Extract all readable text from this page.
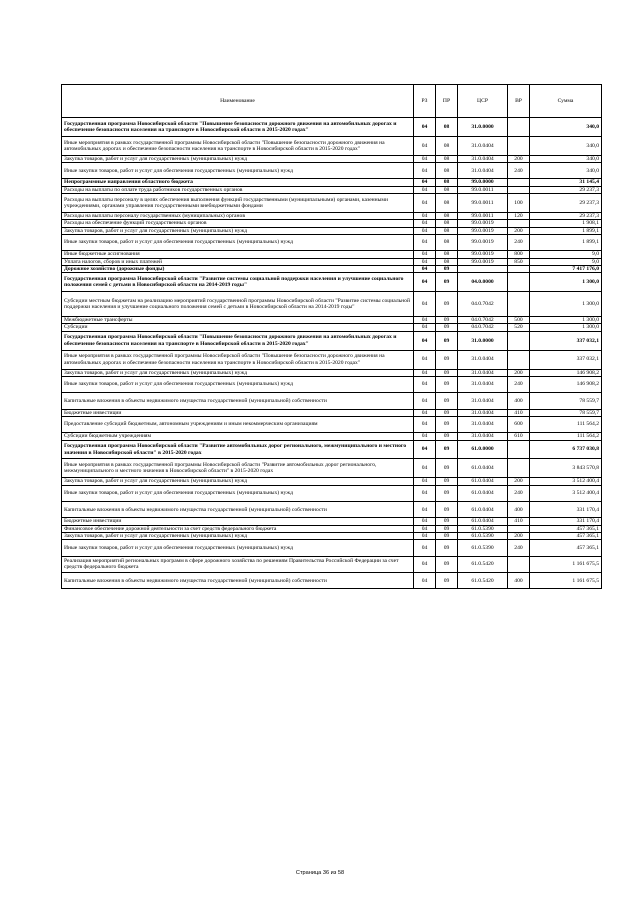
Наименование	РЗ	ПР	ЦСР	ВР	Сумма
Государственная программа Новосибирской области "Повышение безопасности дорожного движения на автомобильных дорогах и обеспечение безопасности населения на транспорте в Новосибирской области в 2015-2020 годах"	04	08	31.0.0000		340,0
Иные мероприятия в рамках государственной программы Новосибирской области "Повышение безопасности дорожного движения на автомобильных дорогах и обеспечение безопасности населения на транспорте в Новосибирской области в 2015-2020 годах"	04	08	31.0.0404		340,0
Закупка товаров, работ и услуг для государственных (муниципальных) нужд	04	08	31.0.0404	200	340,0
Иные закупки товаров, работ и услуг для обеспечения государственных (муниципальных) нужд	04	08	31.0.0404	240	340,0
Непрограммные направления областного бюджета	04	08	99.0.0000		31 145,4
Расходы на выплаты по оплате труда работников государственных органов	04	08	99.0.0011		29 237,3
Расходы на выплаты персоналу в целях обеспечения выполнения функций государственными (муниципальными) органами, казенными учреждениями, органами управления государственными внебюджетными фондами	04	08	99.0.0011	100	29 237,3
Расходы на выплаты персоналу государственных (муниципальных) органов	04	08	99.0.0011	120	29 237,3
Расходы на обеспечение функций государственных органов	04	08	99.0.0019		1 908,1
Закупка товаров, работ и услуг для государственных (муниципальных) нужд	04	08	99.0.0019	200	1 899,1
Иные закупки товаров, работ и услуг для обеспечения государственных (муниципальных) нужд	04	08	99.0.0019	240	1 899,1
Иные бюджетные ассигнования	04	08	99.0.0019	800	9,0
Уплата налогов, сборов и иных платежей	04	08	99.0.0019	850	9,0
Дорожное хозяйство (дорожные фонды)	04	09			7 417 176,0
Государственная программа Новосибирской области "Развитие системы социальной поддержки населения и улучшение социального положения семей с детьми в Новосибирской области на 2014-2019 годы"	04	09	04.0.0000		1 300,0
Субсидии местным бюджетам на реализацию мероприятий государственной программы Новосибирской области "Развитие системы социальной поддержки населения и улучшение социального положения семей с детьми в Новосибирской области на 2014-2019 годы"	04	09	04.0.7042		1 300,0
Межбюджетные трансферты	04	09	04.0.7042	500	1 300,0
Субсидии	04	09	04.0.7042	520	1 300,0
Государственная программа Новосибирской области "Повышение безопасности дорожного движения на автомобильных дорогах и обеспечение безопасности населения на транспорте в Новосибирской области в 2015-2020 годах"	04	09	31.0.0000		337 032,1
Иные мероприятия в рамках государственной программы Новосибирской области "Повышение безопасности дорожного движения на автомобильных дорогах и обеспечение безопасности населения на транспорте в Новосибирской области в 2015-2020 годах"	04	09	31.0.0404		337 032,1
Закупка товаров, работ и услуг для государственных (муниципальных) нужд	04	09	31.0.0404	200	146 908,2
Иные закупки товаров, работ и услуг для обеспечения государственных (муниципальных) нужд	04	09	31.0.0404	240	146 908,2
Капитальные вложения в объекты недвижимого имущества государственной (муниципальной) собственности	04	09	31.0.0404	400	78 559,7
Бюджетные инвестиции	04	09	31.0.0404	410	78 559,7
Предоставление субсидий бюджетным, автономным учреждениям и иным некоммерческим организациям	04	09	31.0.0404	600	111 564,2
Субсидии бюджетным учреждениям	04	09	31.0.0404	610	111 564,2
Государственная программа Новосибирской области "Развитие автомобильных дорог регионального, межмуниципального и местного значения в Новосибирской области" в 2015-2020 годах	04	09	61.0.0000		6 737 030,8
Иные мероприятия в рамках государственной программы Новосибирской области "Развитие автомобильных дорог регионального, межмуниципального и местного значения в Новосибирской области" в 2015-2020 годах	04	09	61.0.0404		3 843 570,8
Закупка товаров, работ и услуг для государственных (муниципальных) нужд	04	09	61.0.0404	200	3 512 400,4
Иные закупки товаров, работ и услуг для обеспечения государственных (муниципальных) нужд	04	09	61.0.0404	240	3 512 400,4
Капитальные вложения в объекты недвижимого имущества государственной (муниципальной) собственности	04	09	61.0.0404	400	331 170,4
Бюджетные инвестиции	04	09	61.0.0404	410	331 170,4
Финансовое обеспечение дорожной деятельности за счет средств федерального бюджета	04	09	61.0.5390		457 365,1
Закупка товаров, работ и услуг для государственных (муниципальных) нужд	04	09	61.0.5390	200	457 365,1
Иные закупки товаров, работ и услуг для обеспечения государственных (муниципальных) нужд	04	09	61.0.5390	240	457 365,1
Реализация мероприятий региональных программ в сфере дорожного хозяйства по решениям Правительства Российской Федерации за счет средств федерального бюджета	04	09	61.0.5420		1 161 675,5
Капитальные вложения в объекты недвижимого имущества государственной (муниципальной) собственности	04	09	61.0.5420	400	1 161 675,5
Страница 36 из 58
